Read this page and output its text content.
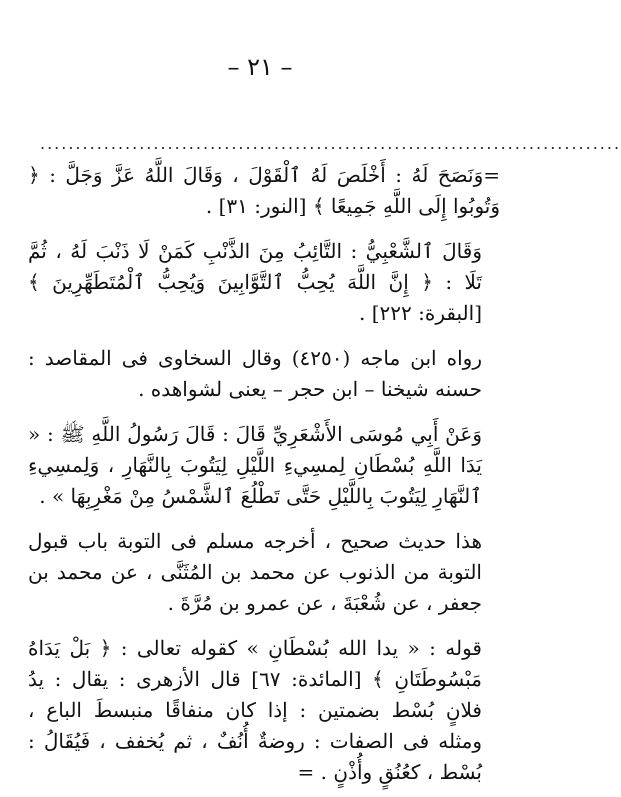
– ٢١ –
..................................................................................

=وَنَصَحَ لَهُ : أَخْلَصَ لَهُ ٱلْقَوْلَ ، وَقَالَ اللَّهُ عَزَّ وَجَلَّ : ﴿ وَتُوبُوا إِلَى اللَّهِ جَمِيعًا ﴾ [النور: ٣١] .

وَقَالَ ٱلشَّعْبِيُّ : التَّائِبُ مِنَ الذَّنْبِ كَمَنْ لَا ذَنْبَ لَهُ ، ثُمَّ تَلَا : ﴿ إِنَّ اللَّهَ يُحِبُّ ٱلتَّوَّابِينَ وَيُحِبُّ ٱلْمُتَطَهِّرِينَ ﴾ [البقرة: ٢٢٢] .

رواه ابن ماجه (٤٢٥٠) وقال السخاوى فى المقاصد : حسنه شيخنا – ابن حجر – يعنى لشواهده .

وَعَنْ أَبِي مُوسَى الأَشْعَرِيِّ قَالَ : قَالَ رَسُولُ اللَّهِ ﷺ : « يَدَا اللَّهِ بُسْطَانِ لِمسِيءِ اللَّيْلِ لِيَتُوبَ بِالنَّهَارِ ، وَلِمسِيءِ ٱلنَّهَارِ لِيَتُوبَ بِاللَّيْلِ حَتَّى تَطْلُعَ ٱلشَّمْسُ مِنْ مَغْرِبِهَا » .

هذا حديث صحيح ، أخرجه مسلم فى التوبة باب قبول التوبة من الذنوب عن محمد بن المُثَنَّى ، عن محمد بن جعفر ، عن شُعْبَةَ ، عن عمرو بن مُرَّةَ .

قوله : « يدا الله بُسْطَانِ » كقوله تعالى : ﴿ بَلْ يَدَاهُ مَبْسُوطَتَانِ ﴾ [المائدة: ٦٧] قال الأزهرى : يقال : يدُ فلانٍ بُسْط بضمتين : إذا كان منفاقًا منبسطَ الباع ، ومثله فى الصفات : روضةٌ أُنُفٌ ، ثم يُخفف ، فَيُقَالُ : بُسْط ، كعُنُقٍ وأُذْنٍ . =
